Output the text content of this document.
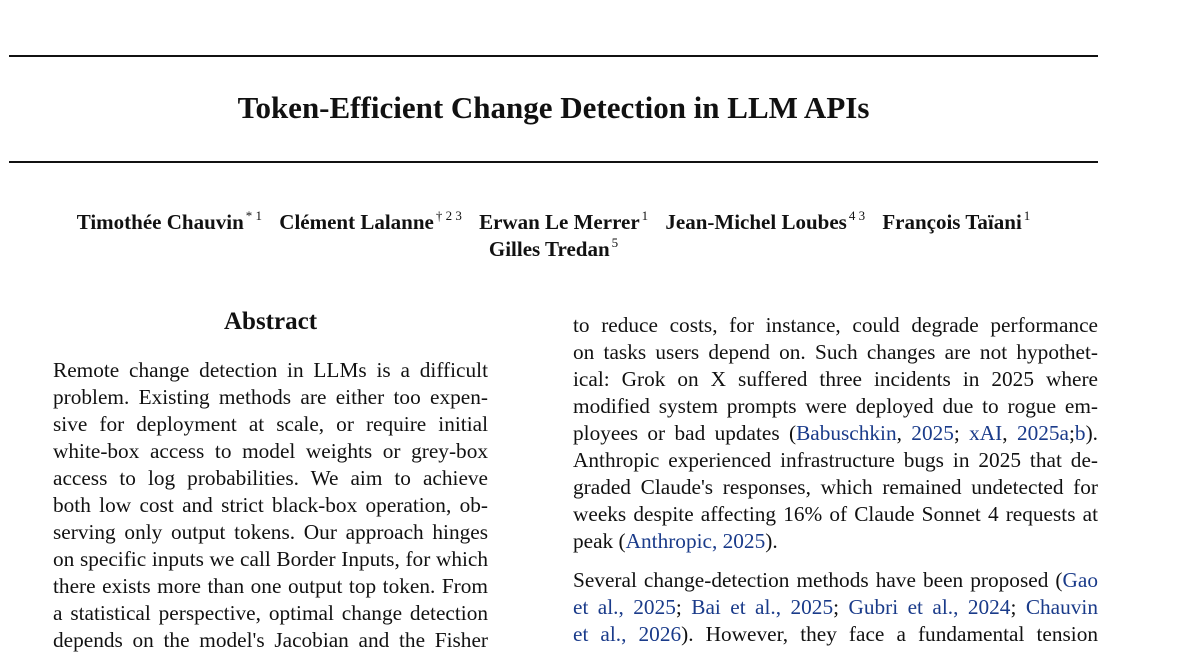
Token-Efficient Change Detection in LLM APIs
Timothée Chauvin $^{* 1}$ Clément Lalanne $^{\dagger 2 3}$ Erwan Le Merrer $^1$ Jean-Michel Loubes $^{4 3}$ François Taïani $^1$
Gilles Tredan $^5$
Abstract
Remote change detection in LLMs is a difficult
problem. Existing methods are either too expen-
sive for deployment at scale, or require initial
white-box access to model weights or grey-box
access to log probabilities. We aim to achieve
both low cost and strict black-box operation, ob-
serving only output tokens. Our approach hinges
on specific inputs we call Border Inputs, for which
there exists more than one output top token. From
a statistical perspective, optimal change detection
depends on the model's Jacobian and the Fisher
to reduce costs, for instance, could degrade performance
on tasks users depend on. Such changes are not hypothet-
ical: Grok on X suffered three incidents in 2025 where
modified system prompts were deployed due to rogue em-
ployees or bad updates (Babuschkin, 2025; xAI, 2025a;b).
Anthropic experienced infrastructure bugs in 2025 that de-
graded Claude's responses, which remained undetected for
weeks despite affecting 16% of Claude Sonnet 4 requests at
peak (Anthropic, 2025).
Several change-detection methods have been proposed (Gao
et al., 2025; Bai et al., 2025; Gubri et al., 2024; Chauvin
et al., 2026). However, they face a fundamental tension
